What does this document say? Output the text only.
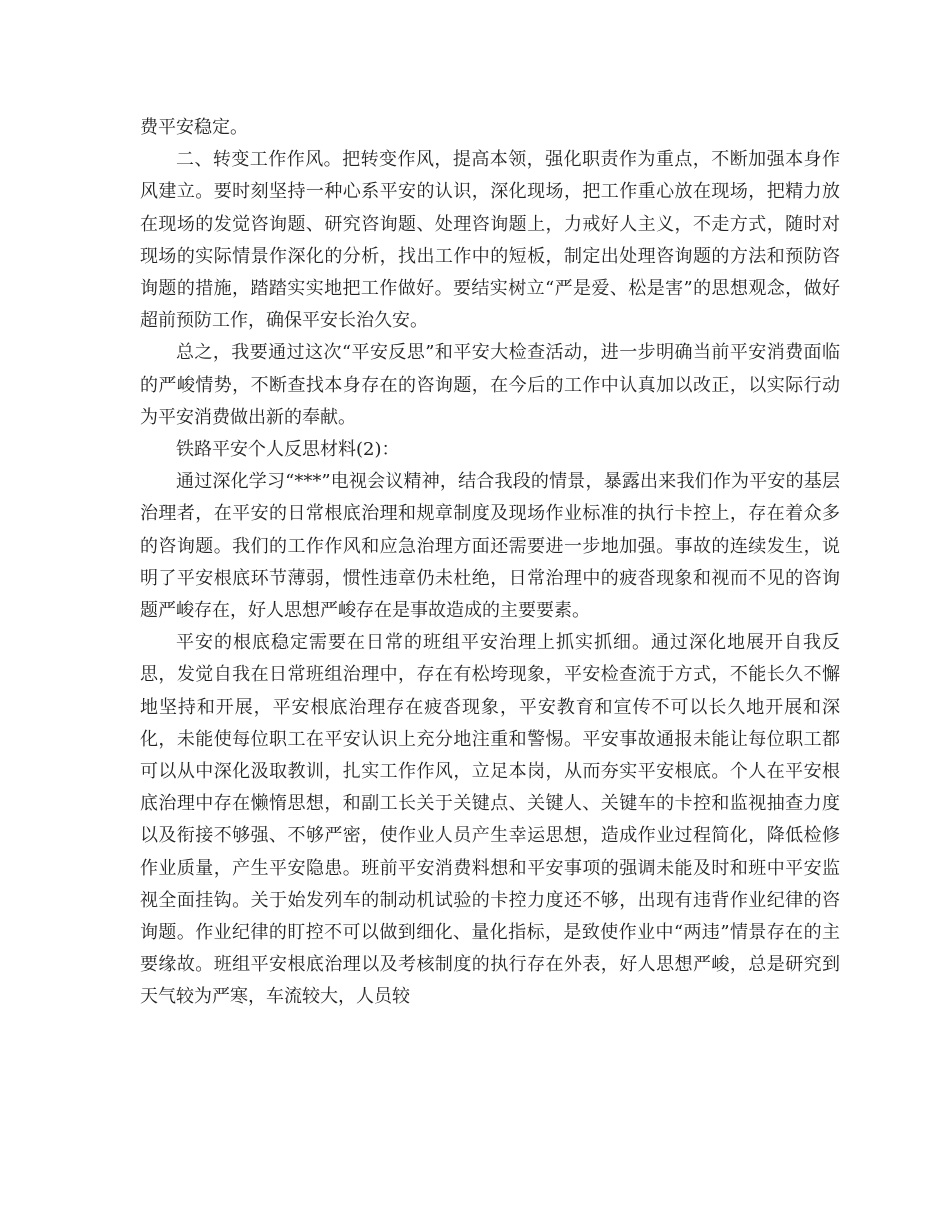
费平安稳定。

二、转变工作作风。把转变作风，提高本领，强化职责作为重点，不断加强本身作风建立。要时刻坚持一种心系平安的认识，深化现场，把工作重心放在现场，把精力放在现场的发觉咨询题、研究咨询题、处理咨询题上，力戒好人主义，不走方式，随时对现场的实际情景作深化的分析，找出工作中的短板，制定出处理咨询题的方法和预防咨询题的措施，踏踏实实地把工作做好。要结实树立“严是爱、松是害”的思想观念，做好超前预防工作，确保平安长治久安。

总之，我要通过这次“平安反思”和平安大检查活动，进一步明确当前平安消费面临的严峻情势，不断查找本身存在的咨询题，在今后的工作中认真加以改正，以实际行动为平安消费做出新的奉献。

铁路平安个人反思材料(2)：

通过深化学习“***”电视会议精神，结合我段的情景，暴露出来我们作为平安的基层治理者，在平安的日常根底治理和规章制度及现场作业标准的执行卡控上，存在着众多的咨询题。我们的工作作风和应急治理方面还需要进一步地加强。事故的连续发生，说明了平安根底环节薄弱，惯性违章仍未杜绝，日常治理中的疲沓现象和视而不见的咨询题严峻存在，好人思想严峻存在是事故造成的主要要素。

平安的根底稳定需要在日常的班组平安治理上抓实抓细。通过深化地展开自我反思，发觉自我在日常班组治理中，存在有松垮现象，平安检查流于方式，不能长久不懈地坚持和开展，平安根底治理存在疲沓现象，平安教育和宣传不可以长久地开展和深化，未能使每位职工在平安认识上充分地注重和警惕。平安事故通报未能让每位职工都可以从中深化汲取教训，扎实工作作风，立足本岗，从而夯实平安根底。个人在平安根底治理中存在懒惰思想，和副工长关于关键点、关键人、关键车的卡控和监视抽查力度以及衔接不够强、不够严密，使作业人员产生幸运思想，造成作业过程简化，降低检修作业质量，产生平安隐患。班前平安消费料想和平安事项的强调未能及时和班中平安监视全面挂钩。关于始发列车的制动机试验的卡控力度还不够，出现有违背作业纪律的咨询题。作业纪律的盯控不可以做到细化、量化指标，是致使作业中“两违”情景存在的主要缘故。班组平安根底治理以及考核制度的执行存在外表，好人思想严峻，总是研究到天气较为严寒，车流较大，人员较
